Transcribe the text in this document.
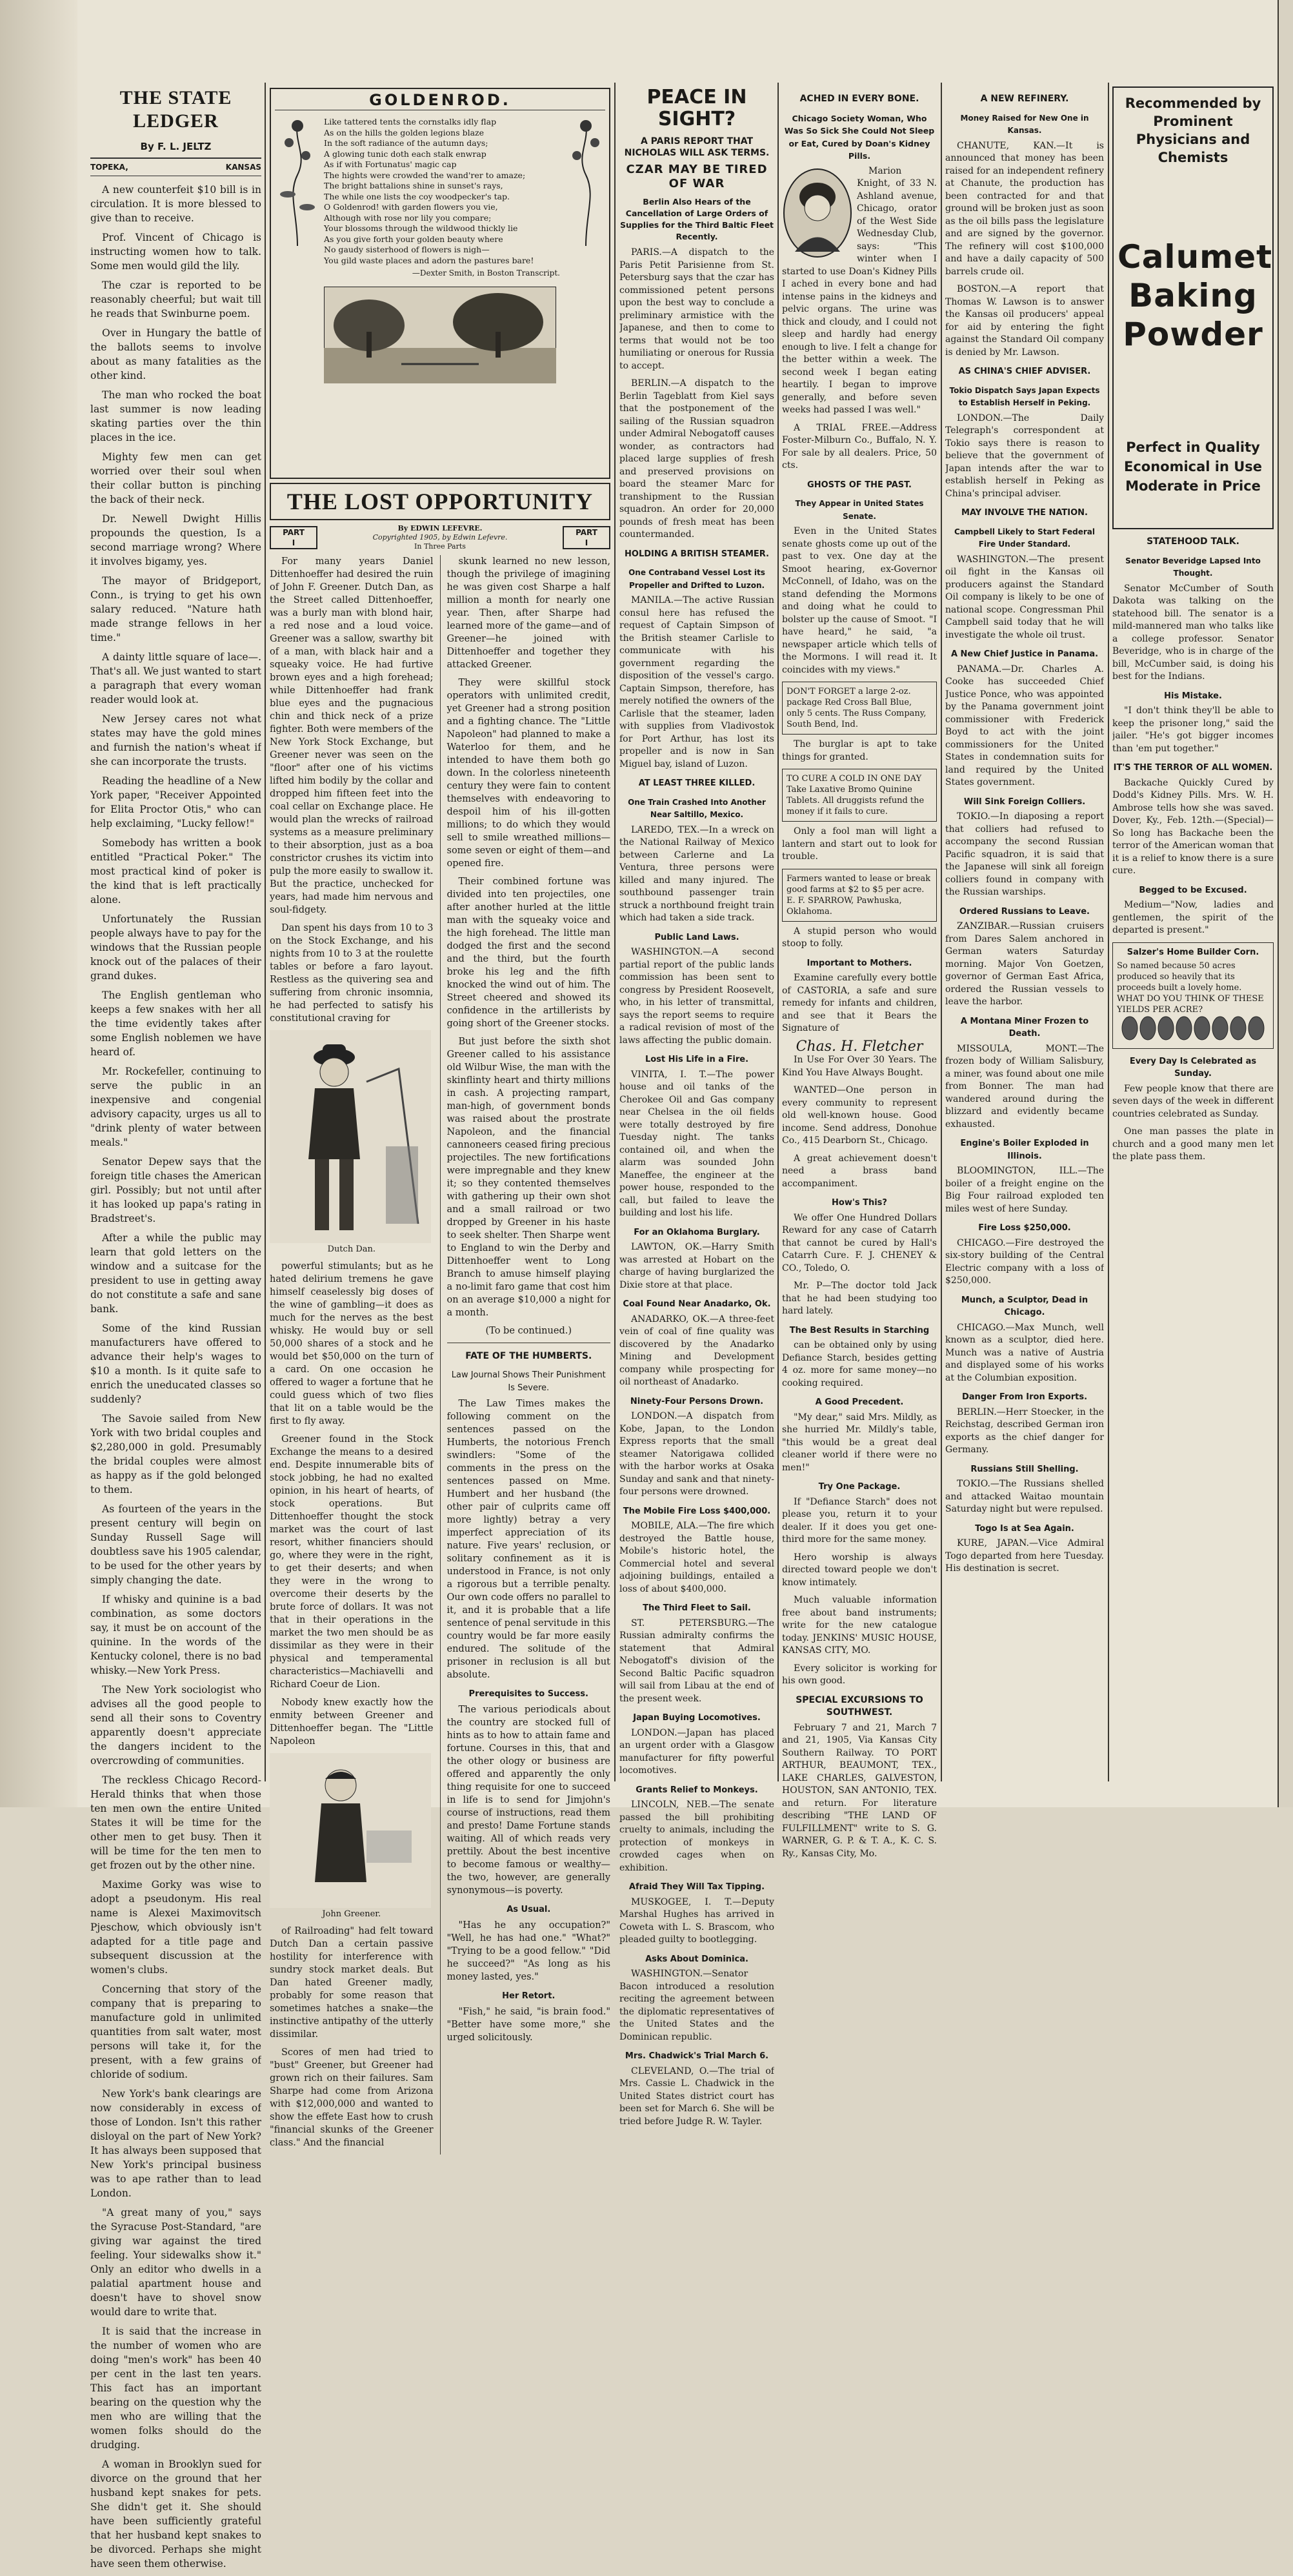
THE STATE LEDGER
By F. L. JELTZ
TOPEKA,	KANSAS

A new counterfeit $10 bill is in circulation. It is more blessed to give than to receive.

Prof. Vincent of Chicago is instructing women how to talk. Some men would gild the lily.

The czar is reported to be reasonably cheerful; but wait till he reads that Swinburne poem.

Over in Hungary the battle of the ballots seems to involve about as many fatalities as the other kind.

The man who rocked the boat last summer is now leading skating parties over the thin places in the ice.

Mighty few men can get worried over their soul when their collar button is pinching the back of their neck.

Dr. Newell Dwight Hillis propounds the question, Is a second marriage wrong? Where it involves bigamy, yes.

The mayor of Bridgeport, Conn., is trying to get his own salary reduced. "Nature hath made strange fellows in her time."

A dainty little square of lace—. That's all. We just wanted to start a paragraph that every woman reader would look at.

New Jersey cares not what states may have the gold mines and furnish the nation's wheat if she can incorporate the trusts.

Reading the headline of a New York paper, "Receiver Appointed for Elita Proctor Otis," who can help exclaiming, "Lucky fellow!"

Somebody has written a book entitled "Practical Poker." The most practical kind of poker is the kind that is left practically alone.

Unfortunately the Russian people always have to pay for the windows that the Russian people knock out of the palaces of their grand dukes.

The English gentleman who keeps a few snakes with her all the time evidently takes after some English noblemen we have heard of.

Mr. Rockefeller, continuing to serve the public in an inexpensive and congenial advisory capacity, urges us all to "drink plenty of water between meals."

Senator Depew says that the foreign title chases the American girl. Possibly; but not until after it has looked up papa's rating in Bradstreet's.

After a while the public may learn that gold letters on the window and a suitcase for the president to use in getting away do not constitute a safe and sane bank.

Some of the kind Russian manufacturers have offered to advance their help's wages to $10 a month. Is it quite safe to enrich the uneducated classes so suddenly?

The Savoie sailed from New York with two bridal couples and $2,280,000 in gold. Presumably the bridal couples were almost as happy as if the gold belonged to them.

As fourteen of the years in the present century will begin on Sunday Russell Sage will doubtless save his 1905 calendar, to be used for the other years by simply changing the date.

If whisky and quinine is a bad combination, as some doctors say, it must be on account of the quinine. In the words of the Kentucky colonel, there is no bad whisky.—New York Press.

The New York sociologist who advises all the good people to send all their sons to Coventry apparently doesn't appreciate the dangers incident to the overcrowding of communities.

The reckless Chicago Record-Herald thinks that when those ten men own the entire United States it will be time for the other men to get busy. Then it will be time for the ten men to get frozen out by the other nine.

Maxime Gorky was wise to adopt a pseudonym. His real name is Alexei Maximovitsch Pjeschow, which obviously isn't adapted for a title page and subsequent discussion at the women's clubs.

Concerning that story of the company that is preparing to manufacture gold in unlimited quantities from salt water, most persons will take it, for the present, with a few grains of chloride of sodium.

New York's bank clearings are now considerably in excess of those of London. Isn't this rather disloyal on the part of New York? It has always been supposed that New York's principal business was to ape rather than to lead London.

"A great many of you," says the Syracuse Post-Standard, "are giving war against the tired feeling. Your sidewalks show it." Only an editor who dwells in a palatial apartment house and doesn't have to shovel snow would dare to write that.

It is said that the increase in the number of women who are doing "men's work" has been 40 per cent in the last ten years. This fact has an important bearing on the question why the men who are willing that the women folks should do the drudging.

A woman in Brooklyn sued for divorce on the ground that her husband kept snakes for pets. She didn't get it. She should have been sufficiently grateful that her husband kept snakes to be divorced. Perhaps she might have seen them otherwise.

GOLDENROD.
Like tattered tents the cornstalks idly flap
As on the hills the golden legions blaze
In the soft radiance of the autumn days;
A glowing tunic doth each stalk enwrap
As if with Fortunatus' magic cap
The hights were crowded the wand'rer to amaze;
The bright battalions shine in sunset's rays,
The while one lists the coy woodpecker's tap.
O Goldenrod! with garden flowers you vie,
Although with rose nor lily you compare;
Your blossoms through the wildwood thickly lie
As you give forth your golden beauty where
No gaudy sisterhood of flowers is nigh—
You gild waste places and adorn the pastures bare!
—Dexter Smith, in Boston Transcript.
THE LOST OPPORTUNITY
PART
I
By EDWIN LEFEVRE.
Copyrighted 1905, by Edwin Lefevre.
In Three Parts
PART
I

For many years Daniel Dittenhoeffer had desired the ruin of John F. Greener. Dutch Dan, as the Street called Dittenhoeffer, was a burly man with blond hair, a red nose and a loud voice. Greener was a sallow, swarthy bit of a man, with black hair and a squeaky voice. He had furtive brown eyes and a high forehead; while Dittenhoeffer had frank blue eyes and the pugnacious chin and thick neck of a prize fighter. Both were members of the New York Stock Exchange, but Greener never was seen on the "floor" after one of his victims lifted him bodily by the collar and dropped him fifteen feet into the coal cellar on Exchange place. He would plan the wrecks of railroad systems as a measure preliminary to their absorption, just as a boa constrictor crushes its victim into pulp the more easily to swallow it. But the practice, unchecked for years, had made him nervous and soul-fidgety.

Dan spent his days from 10 to 3 on the Stock Exchange, and his nights from 10 to 3 at the roulette tables or before a faro layout. Restless as the quivering sea and suffering from chronic insomnia, he had perfected to satisfy his constitutional craving for

Dutch Dan.

powerful stimulants; but as he hated delirium tremens he gave himself ceaselessly big doses of the wine of gambling—it does as much for the nerves as the best whisky. He would buy or sell 50,000 shares of a stock and he would bet $50,000 on the turn of a card. On one occasion he offered to wager a fortune that he could guess which of two flies that lit on a table would be the first to fly away.

Greener found in the Stock Exchange the means to a desired end. Despite innumerable bits of stock jobbing, he had no exalted opinion, in his heart of hearts, of stock operations. But Dittenhoeffer thought the stock market was the court of last resort, whither financiers should go, where they were in the right, to get their deserts; and when they were in the wrong to overcome their deserts by the brute force of dollars. It was not that in their operations in the market the two men should be as dissimilar as they were in their physical and temperamental characteristics—Machiavelli and Richard Coeur de Lion.

Nobody knew exactly how the enmity between Greener and Dittenhoeffer began. The "Little Napoleon

John Greener.

of Railroading" had felt toward Dutch Dan a certain passive hostility for interference with sundry stock market deals. But Dan hated Greener madly, probably for some reason that sometimes hatches a snake—the instinctive antipathy of the utterly dissimilar.

Scores of men had tried to "bust" Greener, but Greener had grown rich on their failures. Sam Sharpe had come from Arizona with $12,000,000 and wanted to show the effete East how to crush "financial skunks of the Greener class." And the financial

skunk learned no new lesson, though the privilege of imagining he was given cost Sharpe a half million a month for nearly one year. Then, after Sharpe had learned more of the game—and of Greener—he joined with Dittenhoeffer and together they attacked Greener.

They were skillful stock operators with unlimited credit, yet Greener had a strong position and a fighting chance. The "Little Napoleon" had planned to make a Waterloo for them, and he intended to have them both go down. In the colorless nineteenth century they were fain to content themselves with endeavoring to despoil him of his ill-gotten millions; to do which they would sell to smile wreathed millions—some seven or eight of them—and opened fire.

Their combined fortune was divided into ten projectiles, one after another hurled at the little man with the squeaky voice and the high forehead. The little man dodged the first and the second and the third, but the fourth broke his leg and the fifth knocked the wind out of him. The Street cheered and showed its confidence in the artillerists by going short of the Greener stocks.

But just before the sixth shot Greener called to his assistance old Wilbur Wise, the man with the skinflinty heart and thirty millions in cash. A projecting rampart, man-high, of government bonds was raised about the prostrate Napoleon, and the financial cannoneers ceased firing precious projectiles. The new fortifications were impregnable and they knew it; so they contented themselves with gathering up their own shot and a small railroad or two dropped by Greener in his haste to seek shelter. Then Sharpe went to England to win the Derby and Dittenhoeffer went to Long Branch to amuse himself playing a no-limit faro game that cost him on an average $10,000 a night for a month.

(To be continued.)
FATE OF THE HUMBERTS.
Law Journal Shows Their Punishment Is Severe.

The Law Times makes the following comment on the sentences passed on the Humberts, the notorious French swindlers: "Some of the comments in the press on the sentences passed on Mme. Humbert and her husband (the other pair of culprits came off more lightly) betray a very imperfect appreciation of its nature. Five years' reclusion, or solitary confinement as it is understood in France, is not only a rigorous but a terrible penalty. Our own code offers no parallel to it, and it is probable that a life sentence of penal servitude in this country would be far more easily endured. The solitude of the prisoner in reclusion is all but absolute.

Prerequisites to Success.

The various periodicals about the country are stocked full of hints as to how to attain fame and fortune. Courses in this, that and the other ology or business are offered and apparently the only thing requisite for one to succeed in life is to send for Jimjohn's course of instructions, read them and presto! Dame Fortune stands waiting. All of which reads very prettily. About the best incentive to become famous or wealthy—the two, however, are generally synonymous—is poverty.

As Usual.

"Has he any occupation?" "Well, he has had one." "What?" "Trying to be a good fellow." "Did he succeed?" "As long as his money lasted, yes."

Her Retort.

"Fish," he said, "is brain food." "Better have some more," she urged solicitously.

PEACE IN SIGHT?
A PARIS REPORT THAT NICHOLAS WILL ASK TERMS.
CZAR MAY BE TIRED OF WAR
Berlin Also Hears of the Cancellation of Large Orders of Supplies for the Third Baltic Fleet Recently.

PARIS.—A dispatch to the Paris Petit Parisienne from St. Petersburg says that the czar has commissioned petent persons upon the best way to conclude a preliminary armistice with the Japanese, and then to come to terms that would not be too humiliating or onerous for Russia to accept.

BERLIN.—A dispatch to the Berlin Tageblatt from Kiel says that the postponement of the sailing of the Russian squadron under Admiral Nebogatoff causes wonder, as contractors had placed large supplies of fresh and preserved provisions on board the steamer Marc for transhipment to the Russian squadron. An order for 20,000 pounds of fresh meat has been countermanded.

HOLDING A BRITISH STEAMER.
One Contraband Vessel Lost its Propeller and Drifted to Luzon.

MANILA.—The active Russian consul here has refused the request of Captain Simpson of the British steamer Carlisle to communicate with his government regarding the disposition of the vessel's cargo. Captain Simpson, therefore, has merely notified the owners of the Carlisle that the steamer, laden with supplies from Vladivostok for Port Arthur, has lost its propeller and is now in San Miguel bay, island of Luzon.

AT LEAST THREE KILLED.
One Train Crashed Into Another Near Saltillo, Mexico.

LAREDO, TEX.—In a wreck on the National Railway of Mexico between Carlerne and La Ventura, three persons were killed and many injured. The southbound passenger train struck a northbound freight train which had taken a side track.

Public Land Laws.

WASHINGTON.—A second partial report of the public lands commission has been sent to congress by President Roosevelt, who, in his letter of transmittal, says the report seems to require a radical revision of most of the laws affecting the public domain.

Lost His Life in a Fire.

VINITA, I. T.—The power house and oil tanks of the Cherokee Oil and Gas company near Chelsea in the oil fields were totally destroyed by fire Tuesday night. The tanks contained oil, and when the alarm was sounded John Maneffee, the engineer at the power house, responded to the call, but failed to leave the building and lost his life.

For an Oklahoma Burglary.

LAWTON, OK.—Harry Smith was arrested at Hobart on the charge of having burglarized the Dixie store at that place.

Coal Found Near Anadarko, Ok.

ANADARKO, OK.—A three-feet vein of coal of fine quality was discovered by the Anadarko Mining and Development company while prospecting for oil northeast of Anadarko.

Ninety-Four Persons Drown.

LONDON.—A dispatch from Kobe, Japan, to the London Express reports that the small steamer Natorigawa collided with the harbor works at Osaka Sunday and sank and that ninety-four persons were drowned.

The Mobile Fire Loss $400,000.

MOBILE, ALA.—The fire which destroyed the Battle house, Mobile's historic hotel, the Commercial hotel and several adjoining buildings, entailed a loss of about $400,000.

The Third Fleet to Sail.

ST. PETERSBURG.—The Russian admiralty confirms the statement that Admiral Nebogatoff's division of the Second Baltic Pacific squadron will sail from Libau at the end of the present week.

Japan Buying Locomotives.

LONDON.—Japan has placed an urgent order with a Glasgow manufacturer for fifty powerful locomotives.

Grants Relief to Monkeys.

LINCOLN, NEB.—The senate passed the bill prohibiting cruelty to animals, including the protection of monkeys in crowded cages when on exhibition.

Afraid They Will Tax Tipping.

MUSKOGEE, I. T.—Deputy Marshal Hughes has arrived in Coweta with L. S. Brascom, who pleaded guilty to bootlegging.

Asks About Dominica.

WASHINGTON.—Senator Bacon introduced a resolution reciting the agreement between the diplomatic representatives of the United States and the Dominican republic.

Mrs. Chadwick's Trial March 6.

CLEVELAND, O.—The trial of Mrs. Cassie L. Chadwick in the United States district court has been set for March 6. She will be tried before Judge R. W. Tayler.

ACHED IN EVERY BONE.
Chicago Society Woman, Who Was So Sick She Could Not Sleep or Eat, Cured by Doan's Kidney Pills.

Marion Knight, of 33 N. Ashland avenue, Chicago, orator of the West Side Wednesday Club, says: "This winter when I started to use Doan's Kidney Pills I ached in every bone and had intense pains in the kidneys and pelvic organs. The urine was thick and cloudy, and I could not sleep and hardly had energy enough to live. I felt a change for the better within a week. The second week I began eating heartily. I began to improve generally, and before seven weeks had passed I was well."

A TRIAL FREE.—Address Foster-Milburn Co., Buffalo, N. Y. For sale by all dealers. Price, 50 cts.

GHOSTS OF THE PAST.
They Appear in United States Senate.

Even in the United States senate ghosts come up out of the past to vex. One day at the Smoot hearing, ex-Governor McConnell, of Idaho, was on the stand defending the Mormons and doing what he could to bolster up the cause of Smoot. "I have heard," he said, "a newspaper article which tells of the Mormons. I will read it. It coincides with my views."

DON'T FORGET a large 2-oz. package Red Cross Ball Blue, only 5 cents. The Russ Company, South Bend, Ind.

The burglar is apt to take things for granted.

TO CURE A COLD IN ONE DAY Take Laxative Bromo Quinine Tablets. All druggists refund the money if it fails to cure.

Only a fool man will light a lantern and start out to look for trouble.

Farmers wanted to lease or break good farms at $2 to $5 per acre. E. F. SPARROW, Pawhuska, Oklahoma.

A stupid person who would stoop to folly.

Important to Mothers.

Examine carefully every bottle of CASTORIA, a safe and sure remedy for infants and children, and see that it Bears the Signature of

Chas. H. Fletcher

In Use For Over 30 Years. The Kind You Have Always Bought.

WANTED—One person in every community to represent old well-known house. Good income. Send address, Donohue Co., 415 Dearborn St., Chicago.

A great achievement doesn't need a brass band accompaniment.

How's This?

We offer One Hundred Dollars Reward for any case of Catarrh that cannot be cured by Hall's Catarrh Cure. F. J. CHENEY & CO., Toledo, O.

Mr. P—The doctor told Jack that he had been studying too hard lately.

The Best Results in Starching

can be obtained only by using Defiance Starch, besides getting 4 oz. more for same money—no cooking required.

A Good Precedent.

"My dear," said Mrs. Mildly, as she hurried Mr. Mildly's table, "this would be a great deal cleaner world if there were no men!"

Try One Package.

If "Defiance Starch" does not please you, return it to your dealer. If it does you get one-third more for the same money.

Hero worship is always directed toward people we don't know intimately.

Much valuable information free about band instruments; write for the new catalogue today. JENKINS' MUSIC HOUSE, KANSAS CITY, MO.

Every solicitor is working for his own good.

SPECIAL EXCURSIONS TO SOUTHWEST.

February 7 and 21, March 7 and 21, 1905, Via Kansas City Southern Railway. TO PORT ARTHUR, BEAUMONT, TEX., LAKE CHARLES, GALVESTON, HOUSTON, SAN ANTONIO, TEX. and return. For literature describing "THE LAND OF FULFILLMENT" write to S. G. WARNER, G. P. & T. A., K. C. S. Ry., Kansas City, Mo.

A NEW REFINERY.
Money Raised for New One in Kansas.

CHANUTE, KAN.—It is announced that money has been raised for an independent refinery at Chanute, the production has been contracted for and that ground will be broken just as soon as the oil bills pass the legislature and are signed by the governor. The refinery will cost $100,000 and have a daily capacity of 500 barrels crude oil.

BOSTON.—A report that Thomas W. Lawson is to answer the Kansas oil producers' appeal for aid by entering the fight against the Standard Oil company is denied by Mr. Lawson.

AS CHINA'S CHIEF ADVISER.
Tokio Dispatch Says Japan Expects to Establish Herself in Peking.

LONDON.—The Daily Telegraph's correspondent at Tokio says there is reason to believe that the government of Japan intends after the war to establish herself in Peking as China's principal adviser.

MAY INVOLVE THE NATION.
Campbell Likely to Start Federal Fire Under Standard.

WASHINGTON.—The present oil fight in the Kansas oil producers against the Standard Oil company is likely to be one of national scope. Congressman Phil Campbell said today that he will investigate the whole oil trust.

A New Chief Justice in Panama.

PANAMA.—Dr. Charles A. Cooke has succeeded Chief Justice Ponce, who was appointed by the Panama government joint commissioner with Frederick Boyd to act with the joint commissioners for the United States in condemnation suits for land required by the United States government.

Will Sink Foreign Colliers.

TOKIO.—In diaposing a report that colliers had refused to accompany the second Russian Pacific squadron, it is said that the Japanese will sink all foreign colliers found in company with the Russian warships.

Ordered Russians to Leave.

ZANZIBAR.—Russian cruisers from Dares Salem anchored in German waters Saturday morning. Major Von Goetzen, governor of German East Africa, ordered the Russian vessels to leave the harbor.

A Montana Miner Frozen to Death.

MISSOULA, MONT.—The frozen body of William Salisbury, a miner, was found about one mile from Bonner. The man had wandered around during the blizzard and evidently became exhausted.

Engine's Boiler Exploded in Illinois.

BLOOMINGTON, ILL.—The boiler of a freight engine on the Big Four railroad exploded ten miles west of here Sunday.

Fire Loss $250,000.

CHICAGO.—Fire destroyed the six-story building of the Central Electric company with a loss of $250,000.

Munch, a Sculptor, Dead in Chicago.

CHICAGO.—Max Munch, well known as a sculptor, died here. Munch was a native of Austria and displayed some of his works at the Columbian exposition.

Danger From Iron Exports.

BERLIN.—Herr Stoecker, in the Reichstag, described German iron exports as the chief danger for Germany.

Russians Still Shelling.

TOKIO.—The Russians shelled and attacked Waitao mountain Saturday night but were repulsed.

Togo Is at Sea Again.

KURE, JAPAN.—Vice Admiral Togo departed from here Tuesday. His destination is secret.

Recommended by Prominent Physicians and Chemists
Calumet
Baking
Powder
Perfect in Quality Economical in Use Moderate in Price
STATEHOOD TALK.
Senator Beveridge Lapsed Into Thought.

Senator McCumber of South Dakota was talking on the statehood bill. The senator is a mild-mannered man who talks like a college professor. Senator Beveridge, who is in charge of the bill, McCumber said, is doing his best for the Indians.

His Mistake.

"I don't think they'll be able to keep the prisoner long," said the jailer. "He's got bigger incomes than 'em put together."

IT'S THE TERROR OF ALL WOMEN.

Backache Quickly Cured by Dodd's Kidney Pills. Mrs. W. H. Ambrose tells how she was saved. Dover, Ky., Feb. 12th.—(Special)—So long has Backache been the terror of the American woman that it is a relief to know there is a sure cure.

Begged to be Excused.

Medium—"Now, ladies and gentlemen, the spirit of the departed is present."

Salzer's Home Builder Corn.
So named because 50 acres produced so heavily that its proceeds built a lovely home. WHAT DO YOU THINK OF THESE YIELDS PER ACRE?
Every Day Is Celebrated as Sunday.

Few people know that there are seven days of the week in different countries celebrated as Sunday.

One man passes the plate in church and a good many men let the plate pass them.
